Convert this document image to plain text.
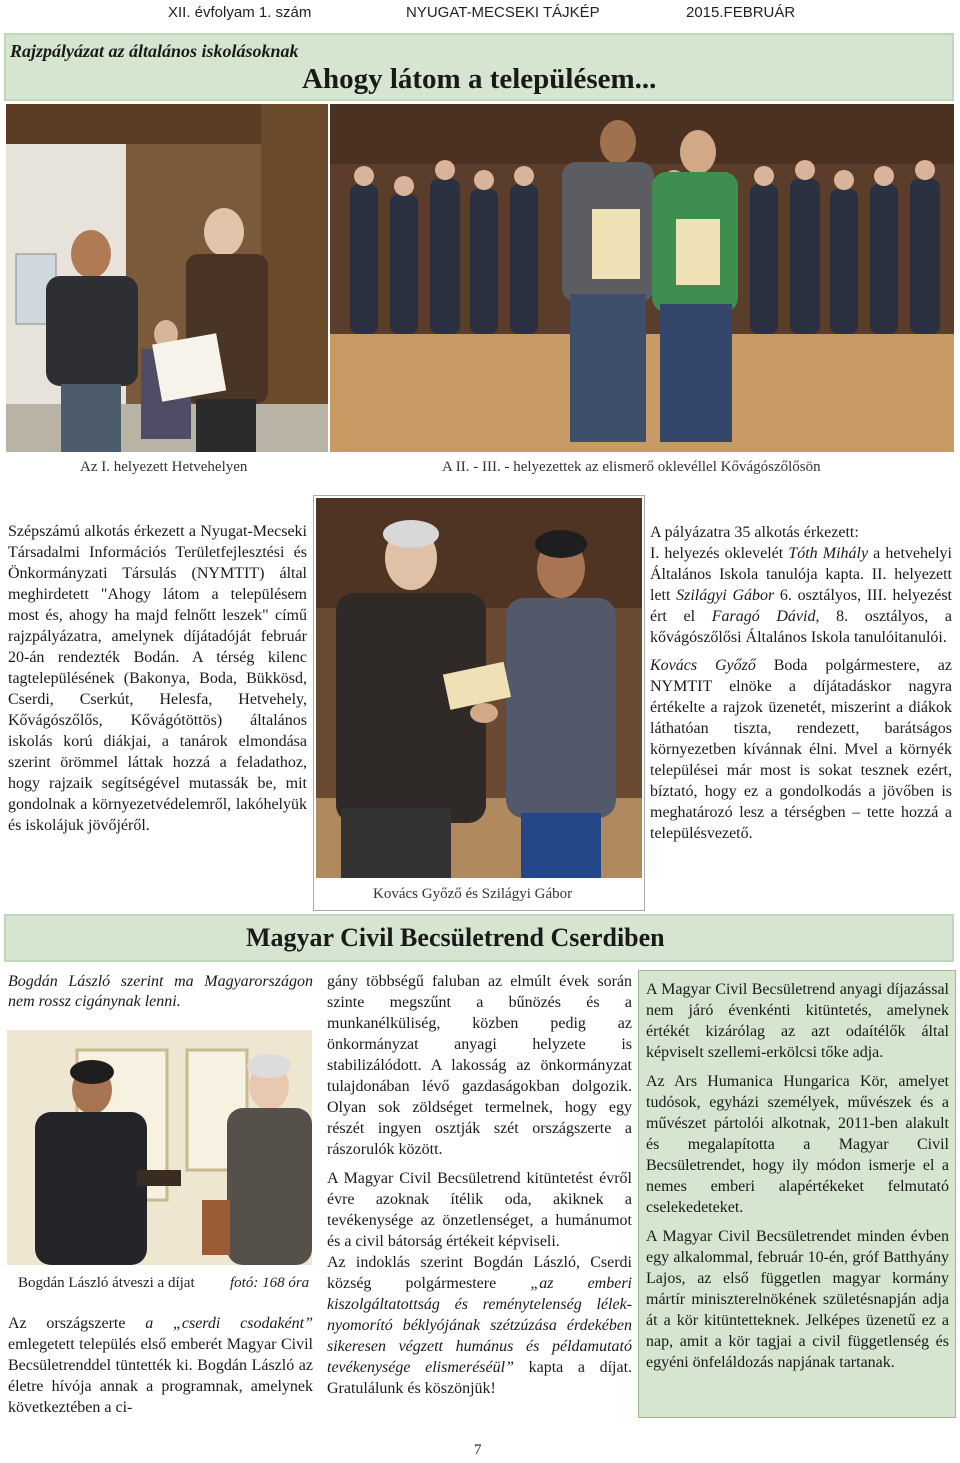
XII. évfolyam 1. szám	NYUGAT-MECSEKI TÁJKÉP	2015.FEBRUÁR
Rajzpályázat az általános iskolásoknak
Ahogy látom a településem...
Az I. helyezett Hetvehelyen	A II. - III. - helyezettek az elismerő oklevéllel Kővágószőlősön

Szépszámú alkotás érkezett a Nyugat-Mecseki Társadalmi Információs Területfejlesztési és Önkormányzati Társulás (NYMTIT) által meghirdetett "Ahogy látom a településem most és, ahogy ha majd felnőtt leszek" című rajzpályázatra, amelynek díjátadóját február 20-án rendezték Bodán. A térség kilenc tagtelepülésének (Bakonya, Boda, Bükkösd, Cserdi, Cserkút, Helesfa, Hetvehely, Kővágószőlős, Kővágótöttös) általános iskolás korú diákjai, a tanárok elmondása szerint örömmel láttak hozzá a feladathoz, hogy rajzaik segítségével mutassák be, mit gondolnak a környezetvédelemről, lakóhelyük és iskolájuk jövőjéről.

Kovács Győző és Szilágyi Gábor

A pályázatra 35 alkotás érkezett:
I. helyezés oklevelét Tóth Mihály a hetvehelyi Általános Iskola tanulója kapta. II. helyezett lett Szilágyi Gábor 6. osztályos, III. helyezést ért el Faragó Dávid, 8. osztályos, a kővágószőlősi Általános Iskola tanulóitanulói.

Kovács Győző Boda polgármestere, az NYMTIT elnöke a díjátadáskor nagyra értékelte a rajzok üzenetét, miszerint a diákok láthatóan tiszta, rendezett, barátságos környezetben kívánnak élni. Mvel a környék települései már most is sokat tesznek ezért, bíztató, hogy ez a gondolkodás a jövőben is meghatározó lesz a térségben – tette hozzá a településvezető.

Magyar Civil Becsületrend Cserdiben
Bogdán László szerint ma Magyarországon nem rossz cigánynak lenni.
Bogdán László átveszi a díjat fotó: 168 óra

Az országszerte a „cserdi csodaként” emlegetett település első emberét Magyar Civil Becsületrenddel tüntették ki. Bogdán László az életre hívója annak a programnak, amelynek következtében a ci-

gány többségű faluban az elmúlt évek során szinte megszűnt a bűnözés és a munkanélküliség, közben pedig az önkormányzat anyagi helyzete is stabilizálódott. A lakosság az önkormányzat tulajdonában lévő gazdaságokban dolgozik. Olyan sok zöldséget termelnek, hogy egy részét ingyen osztják szét országszerte a rászorulók között.

A Magyar Civil Becsületrend kitüntetést évről évre azoknak ítélik oda, akiknek a tevékenysége az önzetlenséget, a humánumot és a civil bátorság értékeit képviseli.

Az indoklás szerint Bogdán László, Cserdi község polgármestere „az emberi kiszolgáltatottság és reménytelenség lélek-nyomorító béklyójának szétzúzása érdekében sikeresen végzett humánus és példamutató tevékenysége elismeréséül” kapta a díjat. Gratulálunk és köszönjük!

A Magyar Civil Becsületrend anyagi díjazással nem járó évenkénti kitüntetés, amelynek értékét kizárólag az azt odaítélők által képviselt szellemi-erkölcsi tőke adja.

Az Ars Humanica Hungarica Kör, amelyet tudósok, egyházi személyek, művészek és a művészet pártolói alkotnak, 2011-ben alakult és megalapította a Magyar Civil Becsületrendet, hogy ily módon ismerje el a nemes emberi alapértékeket felmutató cselekedeteket.

A Magyar Civil Becsületrendet minden évben egy alkalommal, február 10-én, gróf Batthyány Lajos, az első független magyar kormány mártír miniszterelnökének születésnapján adja át a kör kitüntetteknek. Jelképes üzenetű ez a nap, amit a kör tagjai a civil függetlenség és egyéni önfeláldozás napjának tartanak.

7
